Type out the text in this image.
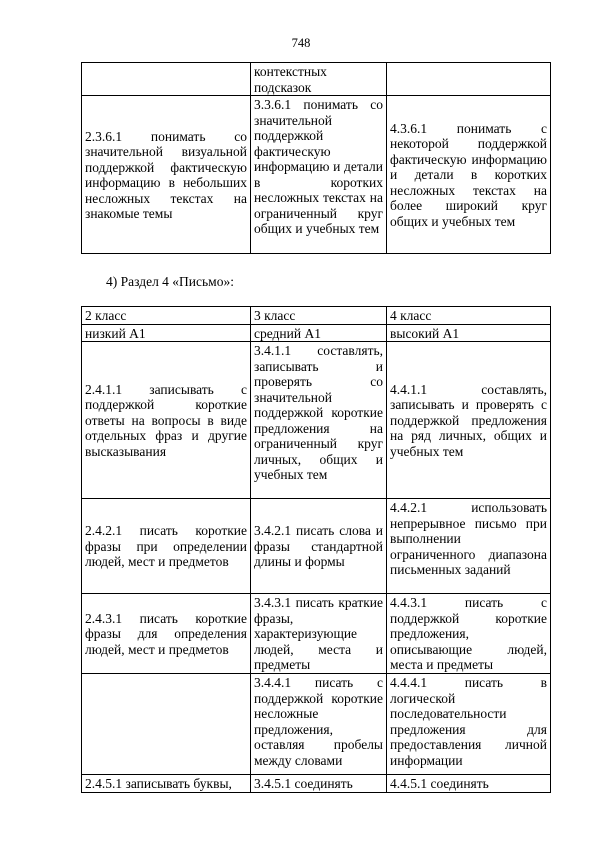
748
	контекстных подсказок	
2.3.6.1 понимать со значительной визуальной поддержкой фактическую информацию в небольших несложных текстах на знакомые темы	3.3.6.1 понимать со значительной поддержкой фактическую информацию и детали в коротких несложных текстах на ограниченный круг общих и учебных тем	4.3.6.1 понимать с некоторой поддержкой фактическую информацию и детали в коротких несложных текстах на более широкий круг общих и учебных тем
4) Раздел 4 «Письмо»:
2 класс	3 класс	4 класс
низкий А1	средний А1	высокий А1
2.4.1.1 записывать с поддержкой короткие ответы на вопросы в виде отдельных фраз и другие высказывания	3.4.1.1 составлять, записывать и проверять со значительной поддержкой короткие предложения на ограниченный круг личных, общих и учебных тем	4.4.1.1 составлять, записывать и проверять с поддержкой предложения на ряд личных, общих и учебных тем
2.4.2.1 писать короткие фразы при определении людей, мест и предметов	3.4.2.1 писать слова и фразы стандартной длины и формы	4.4.2.1 использовать непрерывное письмо при выполнении ограниченного диапазона письменных заданий
2.4.3.1 писать короткие фразы для определения людей, мест и предметов	3.4.3.1 писать краткие фразы, характеризующие людей, места и предметы	4.4.3.1 писать с поддержкой короткие предложения, описывающие людей, места и предметы
	3.4.4.1 писать с поддержкой короткие несложные предложения, оставляя пробелы между словами	4.4.4.1 писать в логической последовательности предложения для предоставления личной информации
2.4.5.1 записывать буквы,	3.4.5.1 соединять	4.4.5.1 соединять
